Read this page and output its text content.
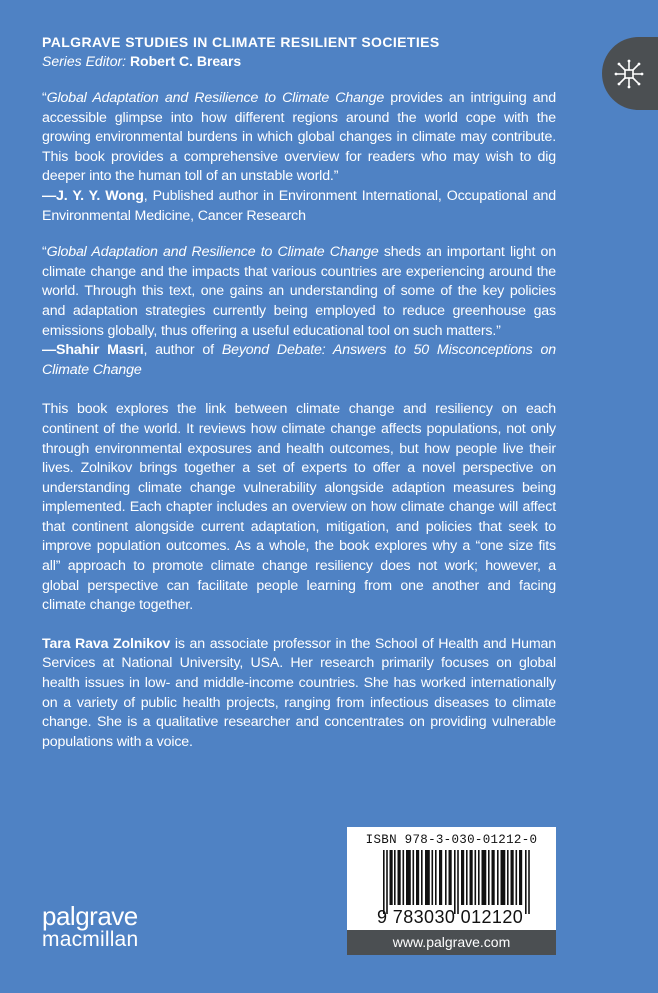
PALGRAVE STUDIES IN CLIMATE RESILIENT SOCIETIES
Series Editor: Robert C. Brears

“Global Adaptation and Resilience to Climate Change provides an intriguing and accessible glimpse into how different regions around the world cope with the growing environmental burdens in which global changes in climate may contribute. This book provides a comprehensive overview for readers who may wish to dig deeper into the human toll of an unstable world.”
—J. Y. Y. Wong, Published author in Environment International, Occupational and Environmental Medicine, Cancer Research

“Global Adaptation and Resilience to Climate Change sheds an important light on climate change and the impacts that various countries are experiencing around the world. Through this text, one gains an understanding of some of the key policies and adaptation strategies currently being employed to reduce greenhouse gas emissions globally, thus offering a useful educational tool on such matters.”
—Shahir Masri, author of Beyond Debate: Answers to 50 Misconceptions on Climate Change

This book explores the link between climate change and resiliency on each continent of the world. It reviews how climate change affects populations, not only through environmental exposures and health outcomes, but how people live their lives. Zolnikov brings together a set of experts to offer a novel perspective on understanding climate change vulnerability alongside adaption measures being implemented. Each chapter includes an overview on how climate change will affect that continent alongside current adaptation, mitigation, and policies that seek to improve population outcomes. As a whole, the book explores why a “one size fits all” approach to promote climate change resiliency does not work; however, a global perspective can facilitate people learning from one another and facing climate change together.

Tara Rava Zolnikov is an associate professor in the School of Health and Human Services at National University, USA. Her research primarily focuses on global health issues in low- and middle-income countries. She has worked internationally on a variety of public health projects, ranging from infectious diseases to climate change. She is a qualitative researcher and concentrates on providing vulnerable populations with a voice.

ISBN 978-3-030-01212-0
9 783030 012120
www.palgrave.com
palgrave
macmillan
